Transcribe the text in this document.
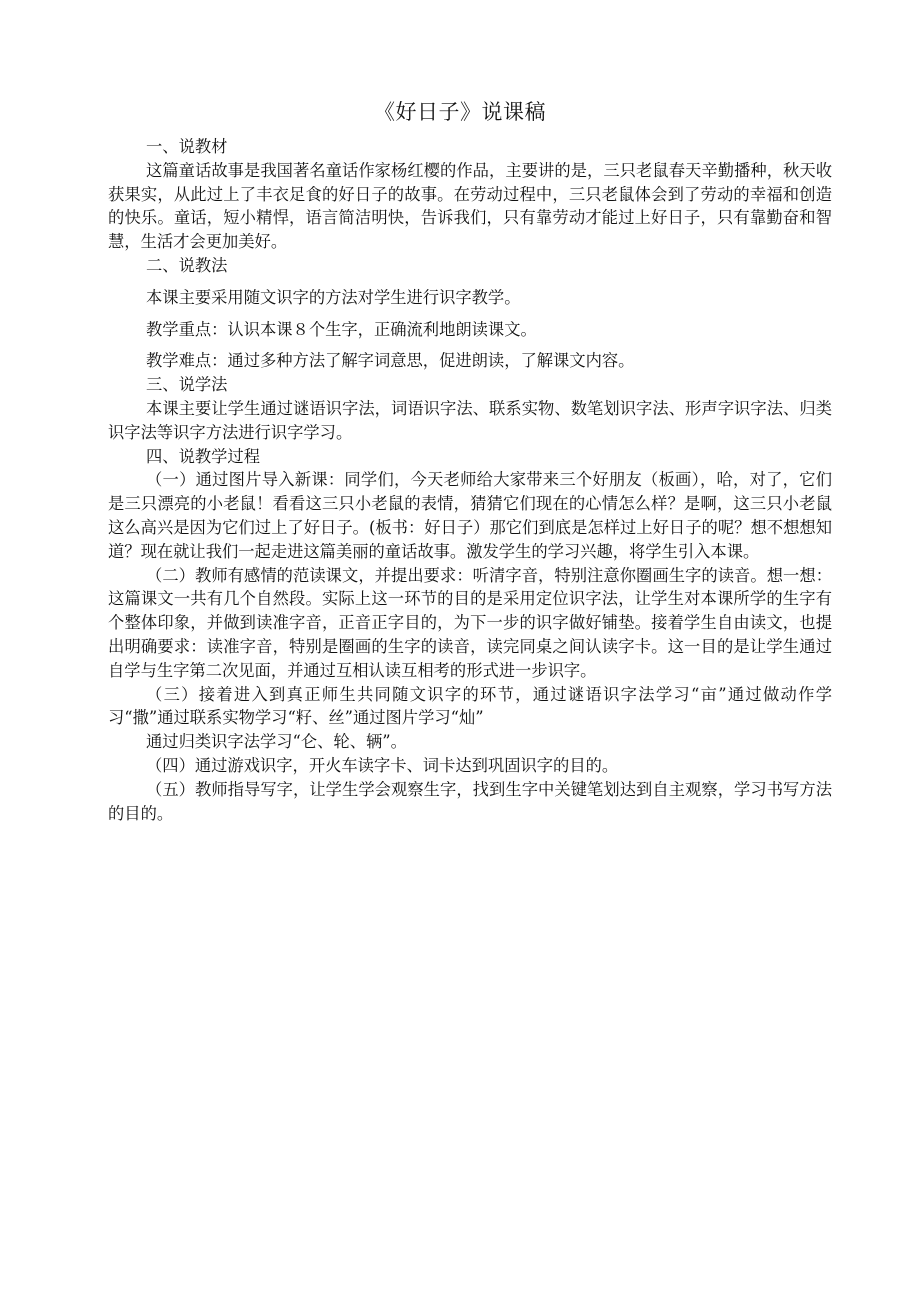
《好日子》说课稿

一、说教材

这篇童话故事是我国著名童话作家杨红樱的作品，主要讲的是，三只老鼠春天辛勤播种，秋天收获果实，从此过上了丰衣足食的好日子的故事。在劳动过程中，三只老鼠体会到了劳动的幸福和创造的快乐。童话，短小精悍，语言简洁明快，告诉我们，只有靠劳动才能过上好日子，只有靠勤奋和智慧，生活才会更加美好。

二、说教法

本课主要采用随文识字的方法对学生进行识字教学。

教学重点：认识本课８个生字，正确流利地朗读课文。

教学难点：通过多种方法了解字词意思，促进朗读，了解课文内容。

三、说学法

本课主要让学生通过谜语识字法，词语识字法、联系实物、数笔划识字法、形声字识字法、归类识字法等识字方法进行识字学习。

四、说教学过程

（一）通过图片导入新课：同学们，今天老师给大家带来三个好朋友（板画），哈，对了，它们是三只漂亮的小老鼠！看看这三只小老鼠的表情，猜猜它们现在的心情怎么样？是啊，这三只小老鼠这么高兴是因为它们过上了好日子。(板书：好日子）那它们到底是怎样过上好日子的呢？想不想想知道？现在就让我们一起走进这篇美丽的童话故事。激发学生的学习兴趣，将学生引入本课。

（二）教师有感情的范读课文，并提出要求：听清字音，特别注意你圈画生字的读音。想一想：这篇课文一共有几个自然段。实际上这一环节的目的是采用定位识字法，让学生对本课所学的生字有个整体印象，并做到读准字音，正音正字目的，为下一步的识字做好铺垫。接着学生自由读文，也提出明确要求：读准字音，特别是圈画的生字的读音，读完同桌之间认读字卡。这一目的是让学生通过自学与生字第二次见面，并通过互相认读互相考的形式进一步识字。

（三）接着进入到真正师生共同随文识字的环节，通过谜语识字法学习“亩”通过做动作学习“撒”通过联系实物学习“籽、丝”通过图片学习“灿”

通过归类识字法学习“仑、轮、辆”。

（四）通过游戏识字，开火车读字卡、词卡达到巩固识字的目的。

（五）教师指导写字，让学生学会观察生字，找到生字中关键笔划达到自主观察，学习书写方法的目的。
